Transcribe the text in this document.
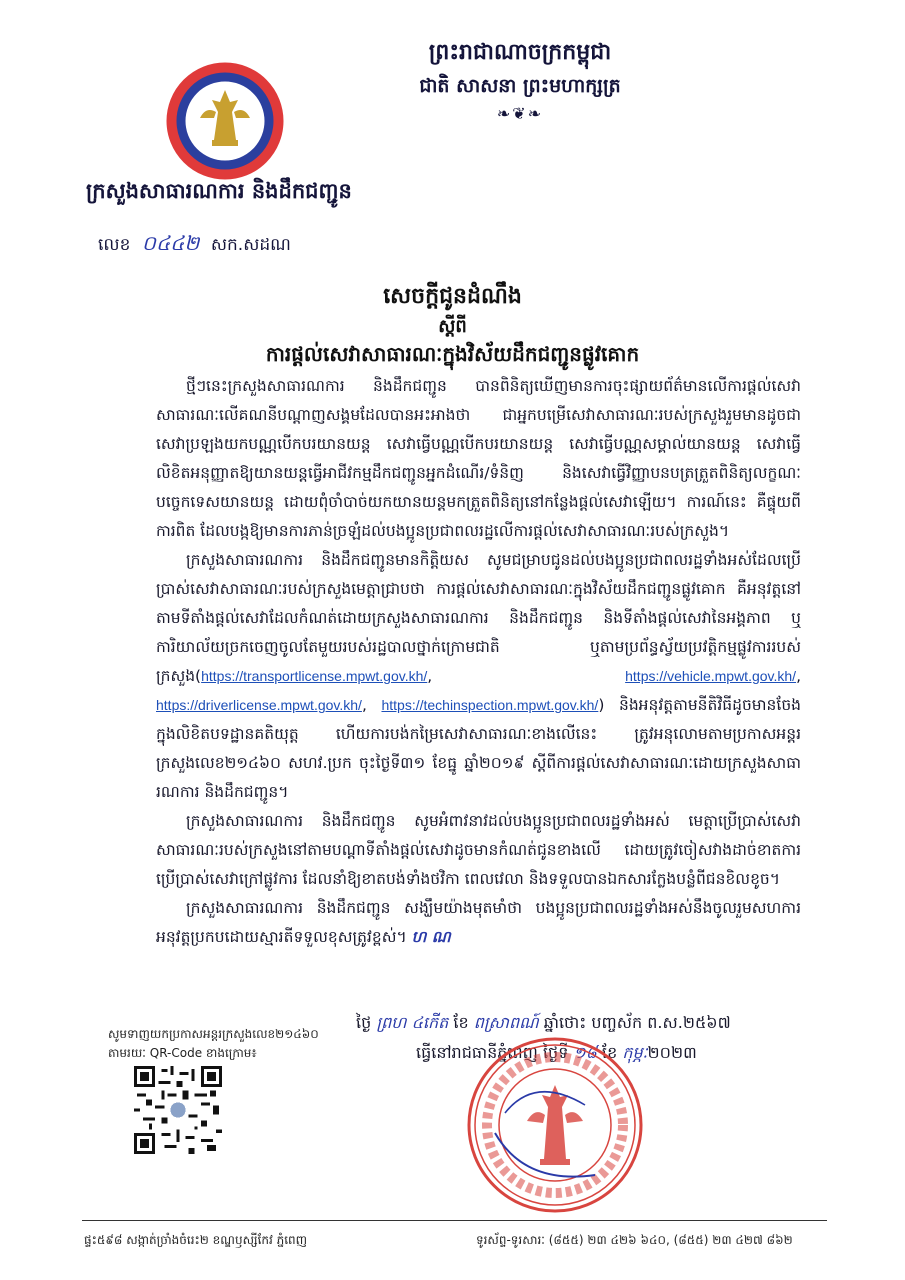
ព្រះរាជាណាចក្រកម្ពុជា
ជាតិ សាសនា ព្រះមហាក្សត្រ
❧❦❧
ក្រសួងសាធារណការ និងដឹកជញ្ជូន
លេខ ០៤៤២ សក.សដណ
សេចក្តីជូនដំណឹង
ស្តីពី
ការផ្តល់សេវាសាធារណៈក្នុងវិស័យដឹកជញ្ជូនផ្លូវគោក

ថ្មីៗនេះក្រសួងសាធារណការ និងដឹកជញ្ជូន បានពិនិត្យឃើញមានការចុះផ្សាយព័ត៌មានលើការផ្តល់សេវាសាធារណៈលើគណនីបណ្តាញសង្គមដែលបានអះអាងថា ជាអ្នកបម្រើសេវាសាធារណៈរបស់ក្រសួងរួមមានដូចជា សេវាប្រឡងយកបណ្ណបើកបរយានយន្ត សេវាធ្វើបណ្ណបើកបរយានយន្ត សេវាធ្វើបណ្ណសម្គាល់យានយន្ត សេវាធ្វើលិខិតអនុញ្ញាតឱ្យយានយន្តធ្វើអាជីវកម្មដឹកជញ្ជូនអ្នកដំណើរ/ទំនិញ និងសេវាធ្វើវិញ្ញាបនបត្រត្រួតពិនិត្យលក្ខណៈបច្ចេកទេសយានយន្ត ដោយពុំចាំបាច់យកយានយន្តមកត្រួតពិនិត្យនៅកន្លែងផ្តល់សេវាឡើយ។ ការណ៍នេះ គឺផ្ទុយពីការពិត ដែលបង្កឱ្យមានការភាន់ច្រឡំដល់បងប្អូនប្រជាពលរដ្ឋលើការផ្តល់សេវាសាធារណៈរបស់ក្រសួង។

ក្រសួងសាធារណការ និងដឹកជញ្ជូនមានកិត្តិយស សូមជម្រាបជូនដល់បងប្អូនប្រជាពលរដ្ឋទាំងអស់ដែលប្រើប្រាស់សេវាសាធារណៈរបស់ក្រសួងមេត្តាជ្រាបថា ការផ្តល់សេវាសាធារណៈក្នុងវិស័យដឹកជញ្ជូនផ្លូវគោក គឺអនុវត្តនៅតាមទីតាំងផ្តល់សេវាដែលកំណត់ដោយក្រសួងសាធារណការ និងដឹកជញ្ជូន និងទីតាំងផ្តល់សេវានៃអង្គភាព ឬការិយាល័យច្រកចេញចូលតែមួយរបស់រដ្ឋបាលថ្នាក់ក្រោមជាតិ ឬតាមប្រព័ន្ធស្វ័យប្រវត្តិកម្មផ្លូវការរបស់ក្រសួង(https://transportlicense.mpwt.gov.kh/, https://vehicle.mpwt.gov.kh/, https://driverlicense.mpwt.gov.kh/, https://techinspection.mpwt.gov.kh/) និងអនុវត្តតាមនីតិវិធីដូចមានចែងក្នុងលិខិតបទដ្ឋានគតិយុត្ត ហើយការបង់កម្រៃសេវាសាធារណៈខាងលើនេះ ត្រូវអនុលោមតាមប្រកាសអន្តរក្រសួងលេខ២១៤៦០ សហវ.ប្រក ចុះថ្ងៃទី៣១ ខែធ្នូ ឆ្នាំ២០១៩ ស្តីពីការផ្តល់សេវាសាធារណៈដោយក្រសួងសាធារណការ និងដឹកជញ្ជូន។

ក្រសួងសាធារណការ និងដឹកជញ្ជូន សូមអំពាវនាវដល់បងប្អូនប្រជាពលរដ្ឋទាំងអស់ មេត្តាប្រើប្រាស់សេវាសាធារណៈរបស់ក្រសួងនៅតាមបណ្តាទីតាំងផ្តល់សេវាដូចមានកំណត់ជូនខាងលើ ដោយត្រូវចៀសវាងដាច់ខាតការប្រើប្រាស់សេវាក្រៅផ្លូវការ ដែលនាំឱ្យខាតបង់ទាំងថវិកា ពេលវេលា និងទទួលបានឯកសារក្លែងបន្លំពីជនខិលខូច។

ក្រសួងសាធារណការ និងដឹកជញ្ជូន សង្ឃឹមយ៉ាងមុតមាំថា បងប្អូនប្រជាពលរដ្ឋទាំងអស់នឹងចូលរួមសហការអនុវត្តប្រកបដោយស្មារតីទទួលខុសត្រូវខ្ពស់។ ហ ណ

ថ្ងៃ ព្រហ ៤កើត ខែ ពស្រាពណ៍ ឆ្នាំថោះ បញ្ចស័ក ព.ស.២៥៦៧
ធ្វើនៅរាជធានីភ្នំពេញ ថ្ងៃទី ១៨ ខែ កុម្ភៈ២០២៣
សូមទាញយកប្រកាសអន្តរក្រសួងលេខ២១៤៦០
តាមរយៈ QR-Code ខាងក្រោម៖
ផ្ទះ៥៩៨ សង្កាត់ច្រាំងចំរេះ២ ខណ្ឌឫស្សីកែវ ភ្នំពេញ	ទូរស័ព្ទ-ទូរសារៈ (៨៥៥) ២៣ ៤២៦ ៦៤០, (៨៥៥) ២៣ ៤២៧ ៨៦២
